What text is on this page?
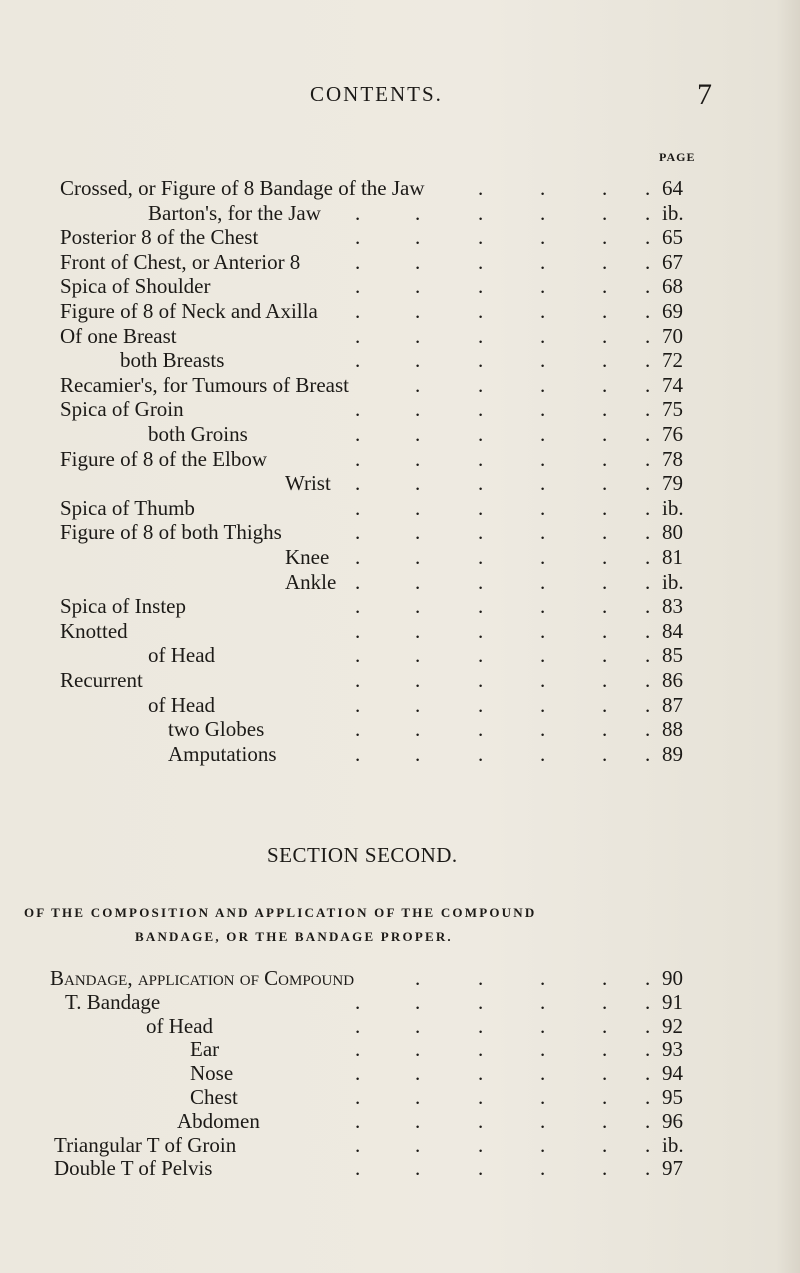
CONTENTS.	7
PAGE
Crossed, or Figure of 8 Bandage of the Jaw	.	.	. . 64
Barton's, for the Jaw .	.	.	.	. . ib.
Posterior 8 of the Chest	.	.	.	.	. . 65
Front of Chest, or Anterior 8	.	.	.	.	. . 67
Spica of Shoulder	.	.	.	.	. . 68
Figure of 8 of Neck and Axilla .	.	.	.	. . 69
Of one Breast	.	.	.	.	. . 70
both Breasts	.	.	.	.	. . 72
Recamier's, for Tumours of Breast	.	.	.	. . 74
Spica of Groin	.	.	.	.	. . 75
both Groins	.	.	.	.	. . 76
Figure of 8 of the Elbow	.	.	.	.	. . 78
Wrist .	.	.	.	. . 79
Spica of Thumb	.	.	.	.	. . ib.
Figure of 8 of both Thighs	.	.	.	.	. . 80
Knee .	.	.	.	. . 81
Ankle .	.	.	.	. . ib.
Spica of Instep	.	.	.	.	. . 83
Knotted	.	.	.	.	. . 84
of Head	.	.	.	.	. . 85
Recurrent	.	.	.	.	. . 86
of Head	.	.	.	.	. . 87
two Globes	.	.	.	.	. . 88
Amputations	.	.	.	.	. . 89
SECTION SECOND.
OF THE COMPOSITION AND APPLICATION OF THE COMPOUND
BANDAGE, OR THE BANDAGE PROPER.
Bandage, application of Compound	.	.	.	. . 90
T. Bandage	.	.	.	.	. . 91
of Head	.	.	.	.	. . 92
Ear	.	.	.	.	. . 93
Nose	.	.	.	.	. . 94
Chest	.	.	.	.	. . 95
Abdomen	.	.	.	.	. . 96
Triangular T of Groin	.	.	.	.	. . ib.
Double T of Pelvis	.	.	.	.	. . 97
